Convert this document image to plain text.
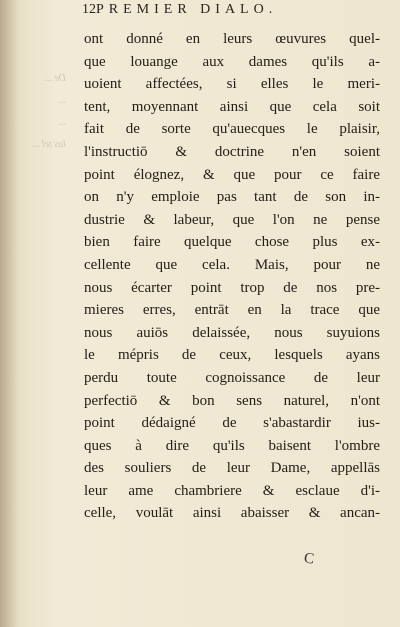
12 PREMIER DIALO.
De ...
...
...
lus tel ...
ont donné en leurs œuvures quel-
que louange aux dames qu'ils a-
uoient affectées, si elles le meri-
tent, moyennant ainsi que cela soit
fait de sorte qu'auecques le plaisir,
l'instructiō & doctrine n'en soient
point élognez, & que pour ce faire
on n'y emploie pas tant de son in-
dustrie & labeur, que l'on ne pense
bien faire quelque chose plus ex-
cellente que cela. Mais, pour ne
nous écarter point trop de nos pre-
mieres erres, entrāt en la trace que
nous auiōs delaissée, nous suyuions
le mépris de ceux, lesquels ayans
perdu toute cognoissance de leur
perfectiō & bon sens naturel, n'ont
point dédaigné de s'abastardir ius-
ques à dire qu'ils baisent l'ombre
des souliers de leur Dame, appellās
leur ame chambriere & esclaue d'i-
celle, voulāt ainsi abaisser & ancan-
C
